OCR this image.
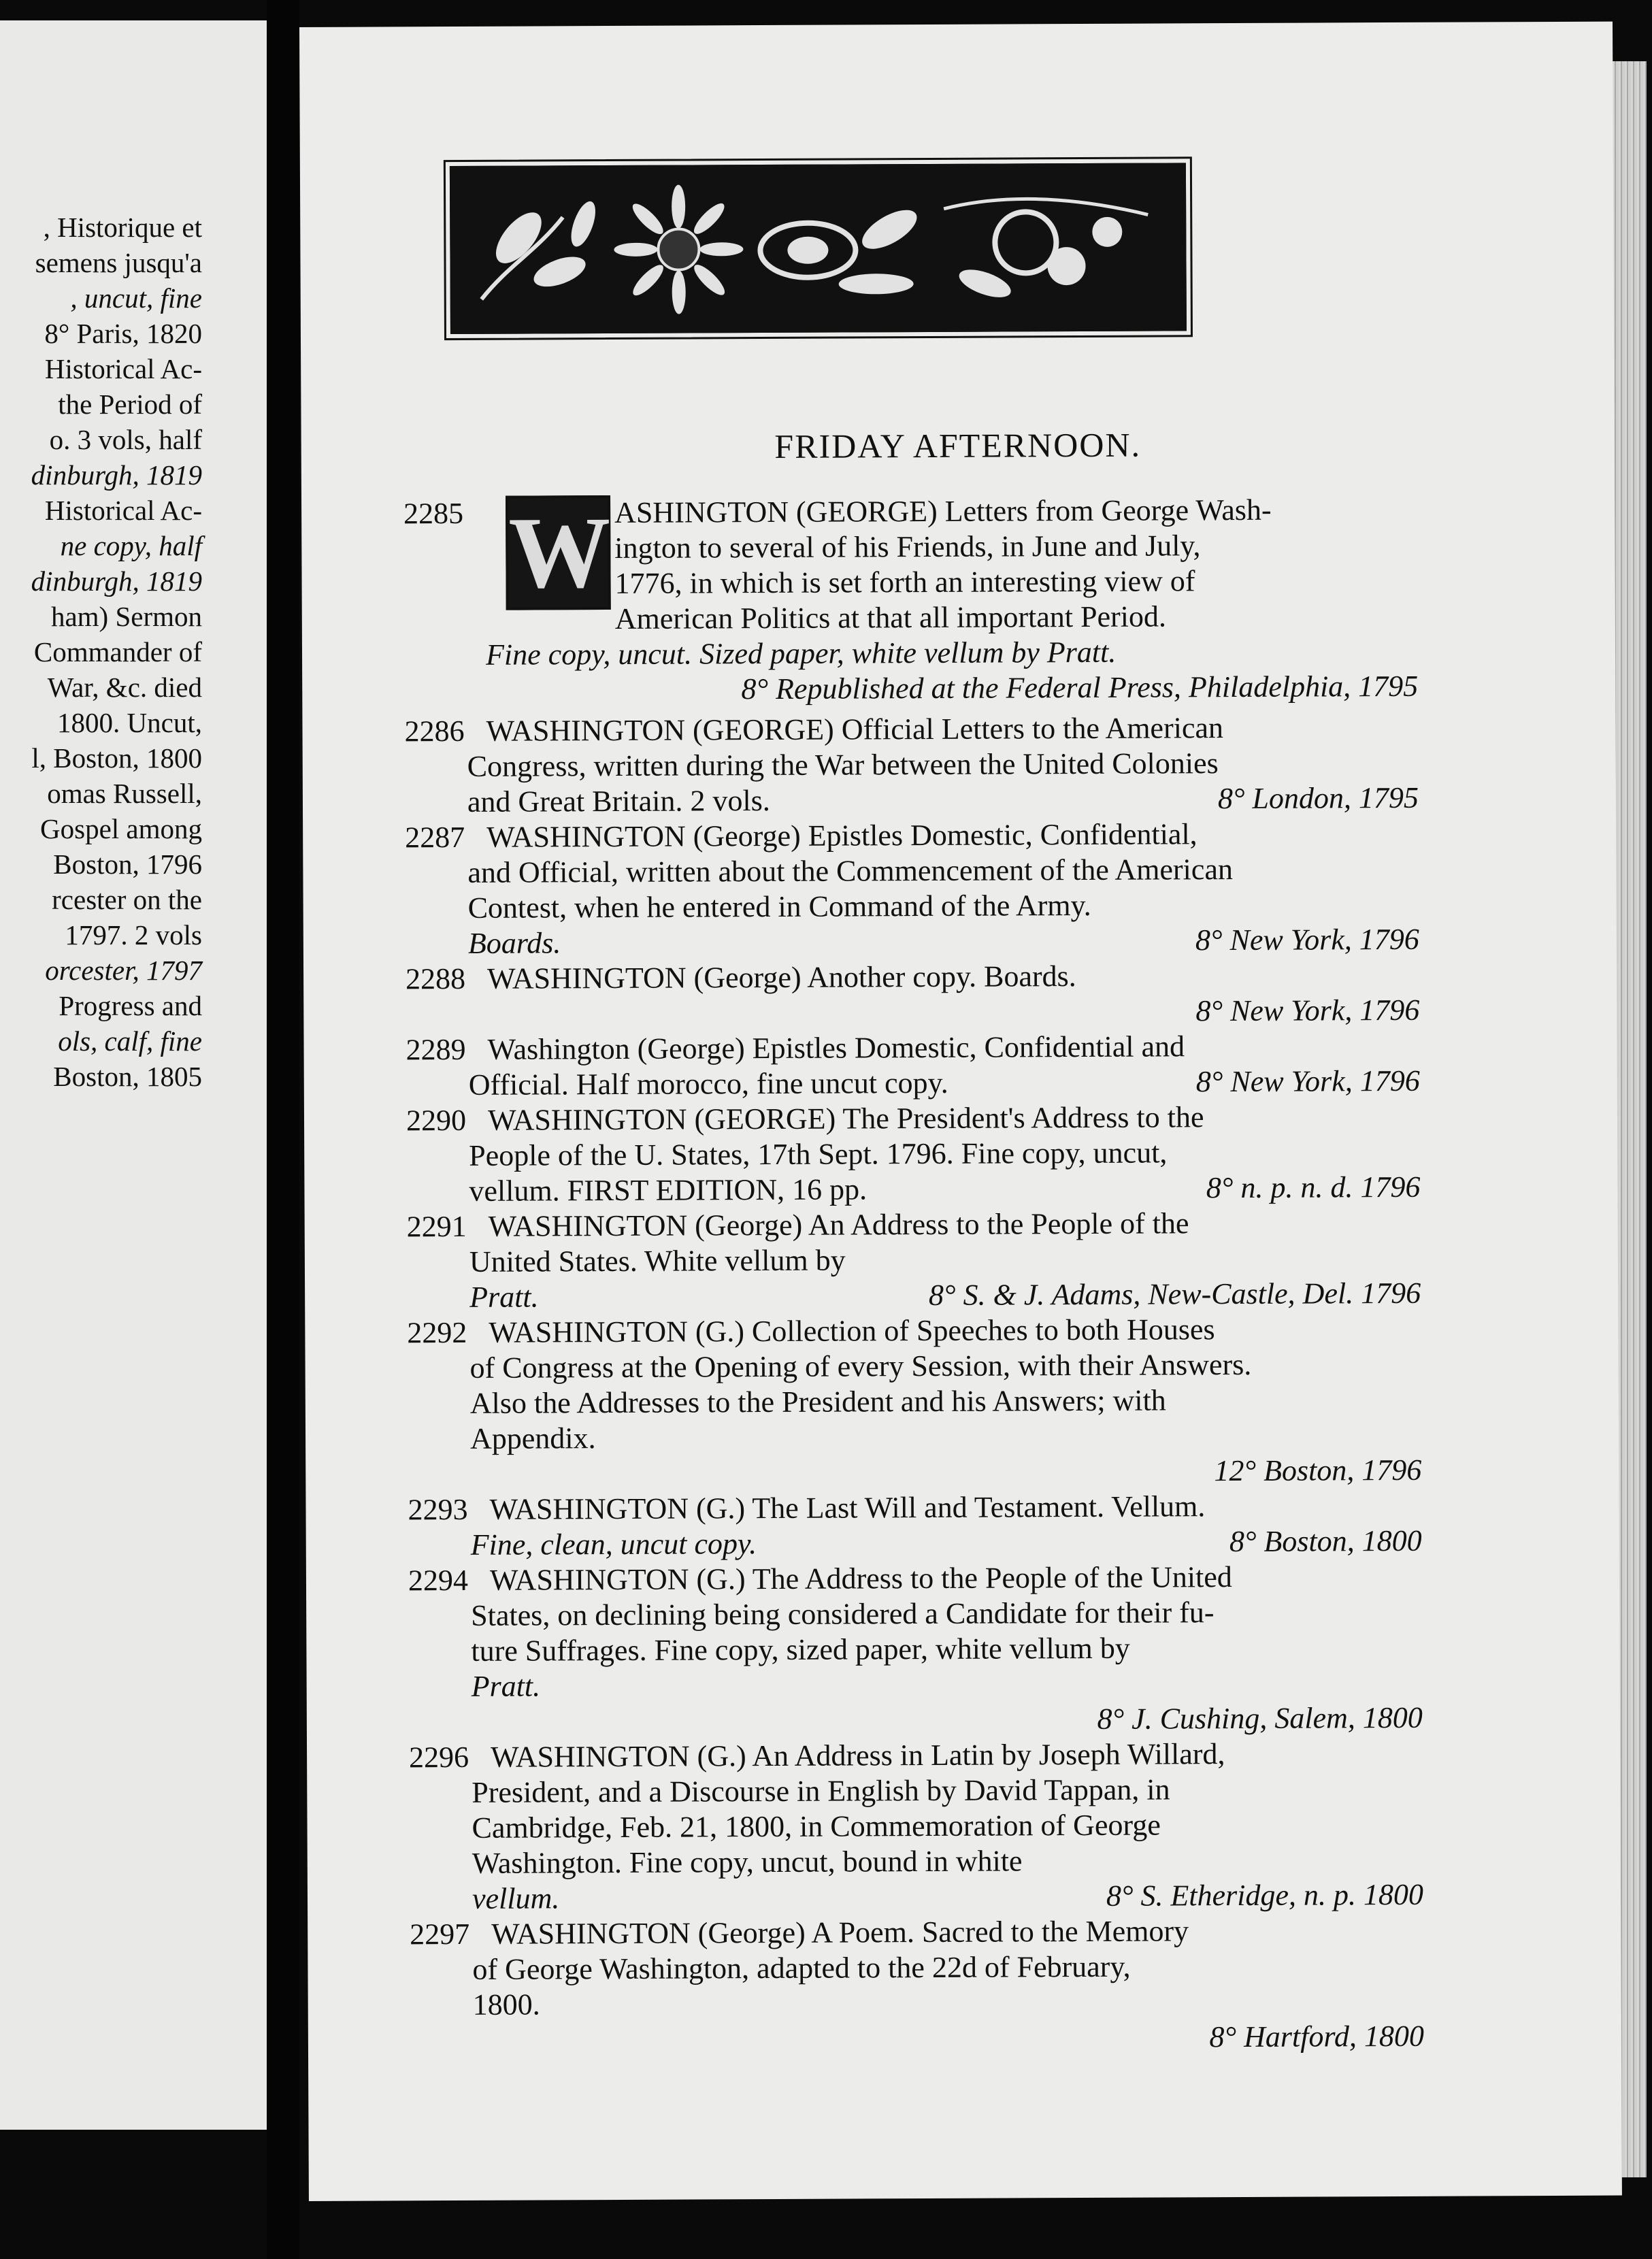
, Historique et
semens jusqu'a
, uncut, fine
8° Paris, 1820
Historical Ac-
the Period of
o. 3 vols, half
dinburgh, 1819
Historical Ac-
ne copy, half
dinburgh, 1819
ham) Sermon
Commander of
War, &c. died
1800. Uncut,
l, Boston, 1800
omas Russell,
Gospel among
Boston, 1796
rcester on the
1797. 2 vols
orcester, 1797
Progress and
ols, calf, fine
Boston, 1805
FRIDAY AFTERNOON.
W
2285	ASHINGTON (GEORGE) Letters from George Wash-
ington to several of his Friends, in June and July,
1776, in which is set forth an interesting view of
American Politics at that all important Period.
Fine copy, uncut. Sized paper, white vellum by Pratt.
8° Republished at the Federal Press, Philadelphia, 1795
2286 WASHINGTON (GEORGE) Official Letters to the American
Congress, written during the War between the United Colonies
and Great Britain. 2 vols.	8° London, 1795
2287 WASHINGTON (George) Epistles Domestic, Confidential,
and Official, written about the Commencement of the American
Contest, when he entered in Command of the Army.
Boards.	8° New York, 1796
2288 WASHINGTON (George) Another copy. Boards.
8° New York, 1796
2289 Washington (George) Epistles Domestic, Confidential and
Official. Half morocco, fine uncut copy.	8° New York, 1796
2290 WASHINGTON (GEORGE) The President's Address to the
People of the U. States, 17th Sept. 1796. Fine copy, uncut,
vellum. FIRST EDITION, 16 pp.	8° n. p. n. d. 1796
2291 WASHINGTON (George) An Address to the People of the
United States. White vellum by
Pratt.	8° S. & J. Adams, New-Castle, Del. 1796
2292 WASHINGTON (G.) Collection of Speeches to both Houses
of Congress at the Opening of every Session, with their Answers.
Also the Addresses to the President and his Answers; with
Appendix.
12° Boston, 1796
2293 WASHINGTON (G.) The Last Will and Testament. Vellum.
Fine, clean, uncut copy.	8° Boston, 1800
2294 WASHINGTON (G.) The Address to the People of the United
States, on declining being considered a Candidate for their fu-
ture Suffrages. Fine copy, sized paper, white vellum by
Pratt.
8° J. Cushing, Salem, 1800
2296 WASHINGTON (G.) An Address in Latin by Joseph Willard,
President, and a Discourse in English by David Tappan, in
Cambridge, Feb. 21, 1800, in Commemoration of George
Washington. Fine copy, uncut, bound in white
vellum.	8° S. Etheridge, n. p. 1800
2297 WASHINGTON (George) A Poem. Sacred to the Memory
of George Washington, adapted to the 22d of February,
1800.
8° Hartford, 1800
